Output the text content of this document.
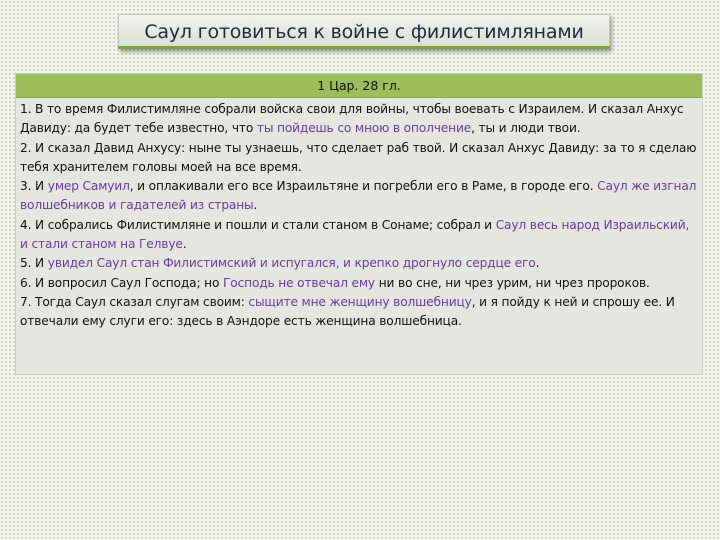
Саул готовиться к войне с филистимлянами
1 Цар. 28 гл.

1. В то время Филистимляне собрали войска свои для войны, чтобы воевать с Израилем. И сказал Анхус Давиду: да будет тебе известно, что ты пойдешь со мною в ополчение, ты и люди твои.

2. И сказал Давид Анхусу: ныне ты узнаешь, что сделает раб твой. И сказал Анхус Давиду: за то я сделаю тебя хранителем головы моей на все время.

3. И умер Самуил, и оплакивали его все Израильтяне и погребли его в Раме, в городе его. Саул же изгнал волшебников и гадателей из страны.

4. И собрались Филистимляне и пошли и стали станом в Сонаме; собрал и Саул весь народ Израильский, и стали станом на Гелвуе.

5. И увидел Саул стан Филистимский и испугался, и крепко дрогнуло сердце его.

6. И вопросил Саул Господа; но Господь не отвечал ему ни во сне, ни чрез урим, ни чрез пророков.

7. Тогда Саул сказал слугам своим: сыщите мне женщину волшебницу, и я пойду к ней и спрошу ее. И отвечали ему слуги его: здесь в Аэндоре есть женщина волшебница.
